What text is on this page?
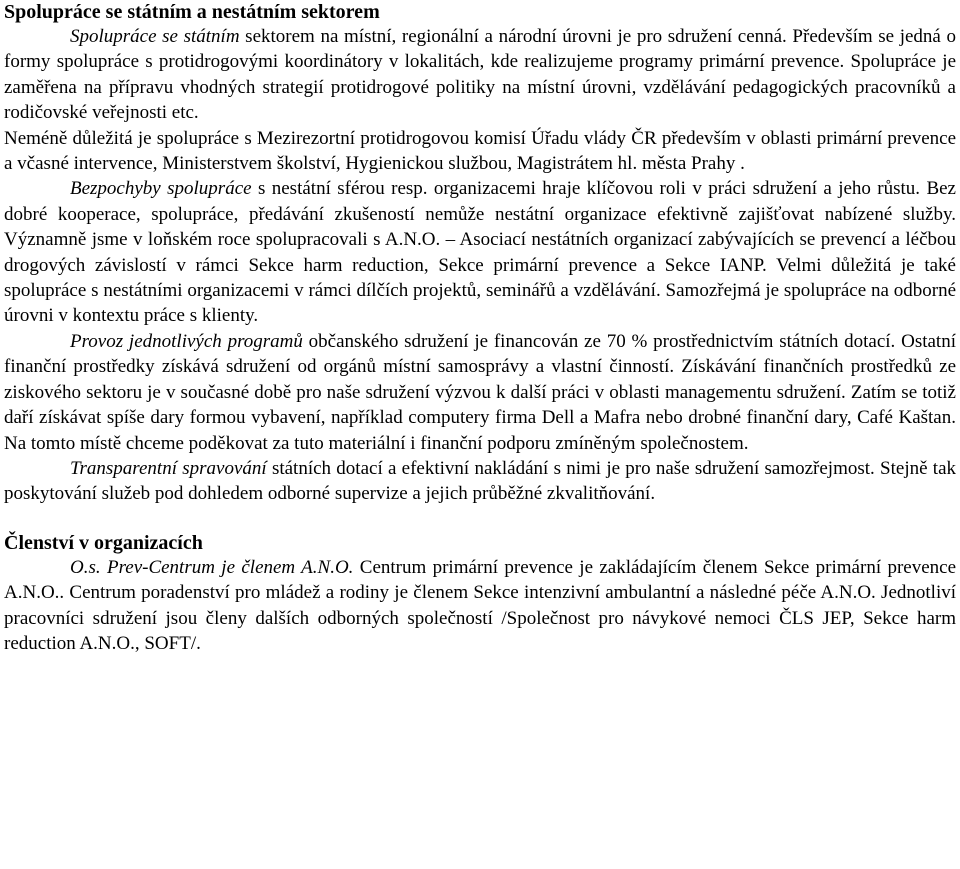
Spolupráce se státním a nestátním sektorem

Spolupráce se státním sektorem na místní, regionální a národní úrovni je pro sdružení cenná. Především se jedná o formy spolupráce s protidrogovými koordinátory v lokalitách, kde realizujeme programy primární prevence. Spolupráce je zaměřena na přípravu vhodných strategií protidrogové politiky na místní úrovni, vzdělávání pedagogických pracovníků a rodičovské veřejnosti etc.

Neméně důležitá je spolupráce s Mezirezortní protidrogovou komisí Úřadu vlády ČR především v oblasti primární prevence a včasné intervence, Ministerstvem školství, Hygienickou službou, Magistrátem hl. města Prahy .

Bezpochyby spolupráce s nestátní sférou resp. organizacemi hraje klíčovou roli v práci sdružení a jeho růstu. Bez dobré kooperace, spolupráce, předávání zkušeností nemůže nestátní organizace efektivně zajišťovat nabízené služby. Významně jsme v loňském roce spolupracovali s A.N.O. – Asociací nestátních organizací zabývajících se prevencí a léčbou drogových závislostí v rámci Sekce harm reduction, Sekce primární prevence a Sekce IANP. Velmi důležitá je také spolupráce s nestátními organizacemi v rámci dílčích projektů, seminářů a vzdělávání. Samozřejmá je spolupráce na odborné úrovni v kontextu práce s klienty.

Provoz jednotlivých programů občanského sdružení je financován ze 70 % prostřednictvím státních dotací. Ostatní finanční prostředky získává sdružení od orgánů místní samosprávy a vlastní činností. Získávání finančních prostředků ze ziskového sektoru je v současné době pro naše sdružení výzvou k další práci v oblasti managementu sdružení. Zatím se totiž daří získávat spíše dary formou vybavení, například computery firma Dell a Mafra nebo drobné finanční dary, Café Kaštan. Na tomto místě chceme poděkovat za tuto materiální i finanční podporu zmíněným společnostem.

Transparentní spravování státních dotací a efektivní nakládání s nimi je pro naše sdružení samozřejmost. Stejně tak poskytování služeb pod dohledem odborné supervize a jejich průběžné zkvalitňování.

Členství v organizacích

O.s. Prev-Centrum je členem A.N.O. Centrum primární prevence je zakládajícím členem Sekce primární prevence A.N.O.. Centrum poradenství pro mládež a rodiny je členem Sekce intenzivní ambulantní a následné péče A.N.O. Jednotliví pracovníci sdružení jsou členy dalších odborných společností /Společnost pro návykové nemoci ČLS JEP, Sekce harm reduction A.N.O., SOFT/.
